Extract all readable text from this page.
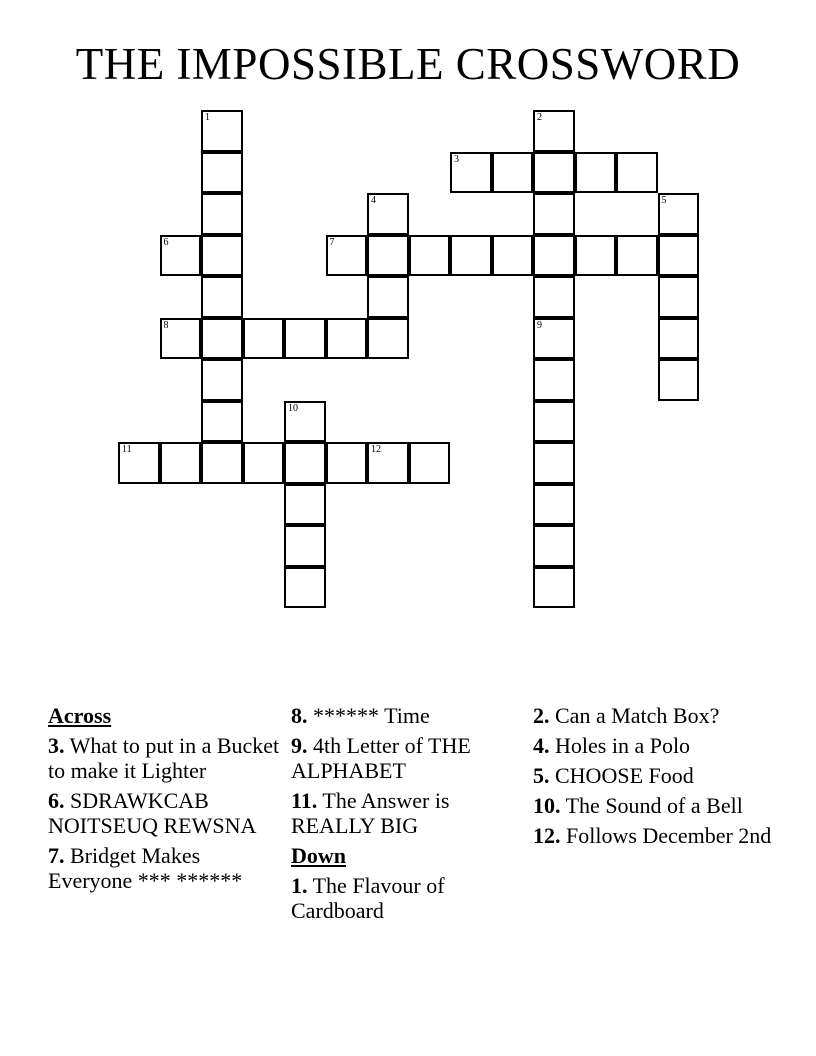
THE IMPOSSIBLE CROSSWORD
1	2
3
4	5
6	7
8	9
10
11	12
Across
3. What to put in a Bucket to make it Lighter
6. SDRAWKCAB NOITSEUQ REWSNA
7. Bridget Makes Everyone *** ******
8. ****** Time
9. 4th Letter of THE ALPHABET
11. The Answer is REALLY BIG
Down
1. The Flavour of Cardboard
2. Can a Match Box?
4. Holes in a Polo
5. CHOOSE Food
10. The Sound of a Bell
12. Follows December 2nd
